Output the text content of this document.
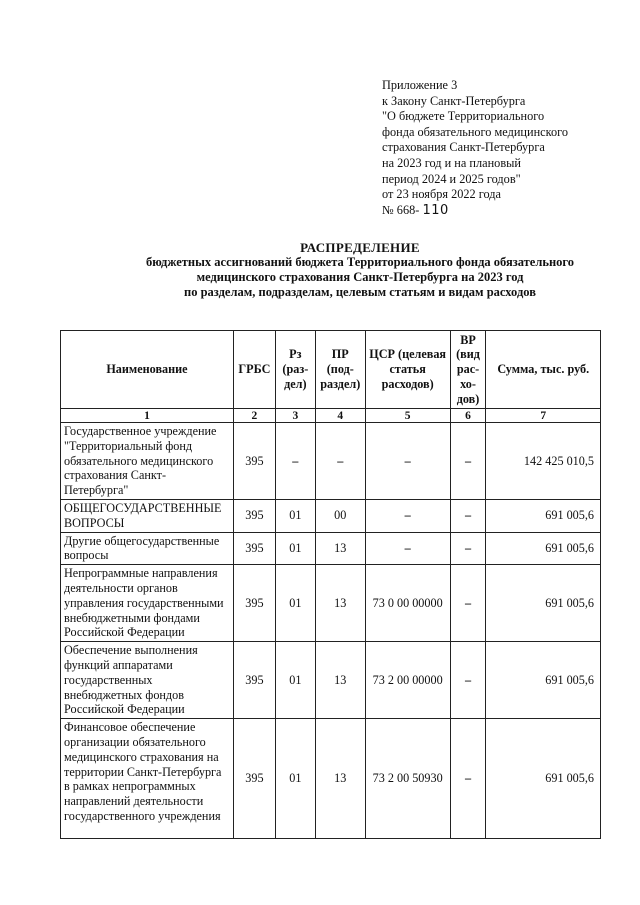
Приложение 3
к Закону Санкт-Петербурга
"О бюджете Территориального
фонда обязательного медицинского
страхования Санкт-Петербурга
на 2023 год и на плановый
период 2024 и 2025 годов"
от 23 ноября 2022 года
№ 668- 110
РАСПРЕДЕЛЕНИЕ
бюджетных ассигнований бюджета Территориального фонда обязательного
медицинского страхования Санкт-Петербурга на 2023 год
по разделам, подразделам, целевым статьям и видам расходов
Наименование	ГРБС	Рз (раз-дел)	ПР (под-раздел)	ЦСР (целевая статья расходов)	ВР (вид рас-хо-дов)	Сумма, тыс. руб.
1	2	3	4	5	6	7
Государственное учреждение "Территориальный фонд обязательного медицинского страхования Санкт-Петербурга"	395	–	–	–	–	142 425 010,5
ОБЩЕГОСУДАРСТВЕННЫЕ ВОПРОСЫ	395	01	00	–	–	691 005,6
Другие общегосударственные вопросы	395	01	13	–	–	691 005,6
Непрограммные направления деятельности органов управления государственными внебюджетными фондами Российской Федерации	395	01	13	73 0 00 00000	–	691 005,6
Обеспечение выполнения функций аппаратами государственных внебюджетных фондов Российской Федерации	395	01	13	73 2 00 00000	–	691 005,6
Финансовое обеспечение организации обязательного медицинского страхования на территории Санкт-Петербурга в рамках непрограммных направлений деятельности государственного учреждения	395	01	13	73 2 00 50930	–	691 005,6
